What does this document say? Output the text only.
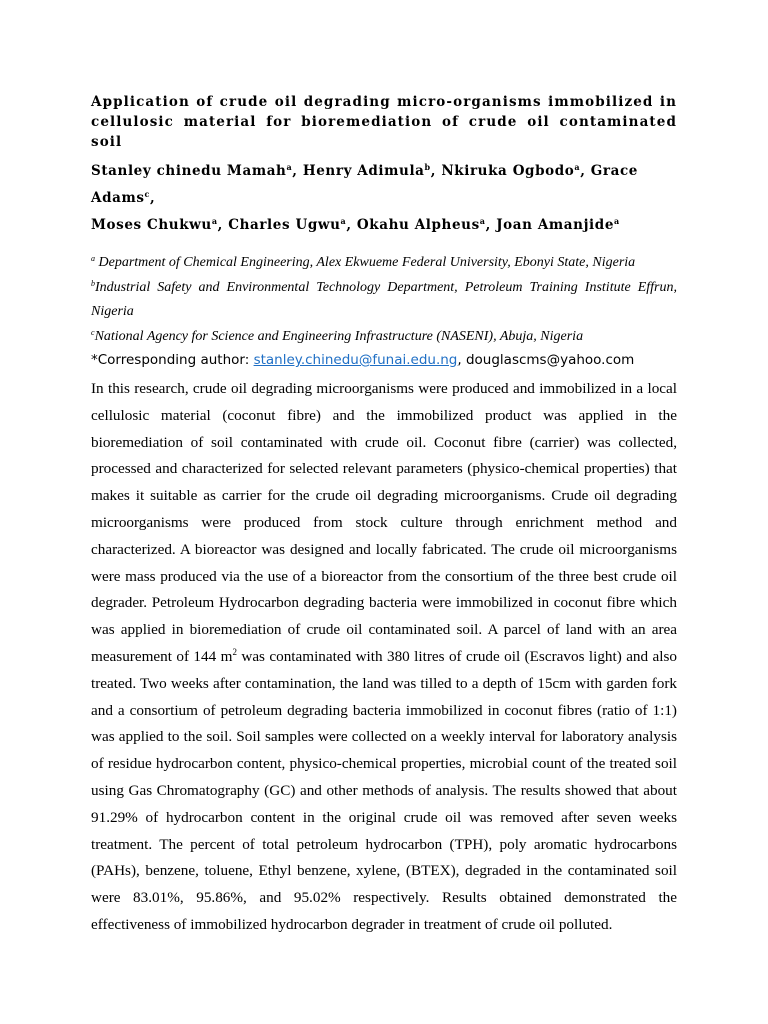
Application of crude oil degrading micro-organisms immobilized in cellulosic material for bioremediation of crude oil contaminated soil
Stanley chinedu Mamah$^a$, Henry Adimula$^b$, Nkiruka Ogbodo$^a$, Grace Adams$^c$,
Moses Chukwu$^a$, Charles Ugwu$^a$, Okahu Alpheus$^a$, Joan Amanjide$^a$
$^a$ Department of Chemical Engineering, Alex Ekwueme Federal University, Ebonyi State, Nigeria
$^b$Industrial Safety and Environmental Technology Department, Petroleum Training Institute Effrun, Nigeria
$^c$National Agency for Science and Engineering Infrastructure (NASENI), Abuja, Nigeria
*Corresponding author: stanley.chinedu@funai.edu.ng, douglascms@yahoo.com

In this research, crude oil degrading microorganisms were produced and immobilized in a local cellulosic material (coconut fibre) and the immobilized product was applied in the bioremediation of soil contaminated with crude oil. Coconut fibre (carrier) was collected, processed and characterized for selected relevant parameters (physico-chemical properties) that makes it suitable as carrier for the crude oil degrading microorganisms. Crude oil degrading microorganisms were produced from stock culture through enrichment method and characterized. A bioreactor was designed and locally fabricated. The crude oil microorganisms were mass produced via the use of a bioreactor from the consortium of the three best crude oil degrader. Petroleum Hydrocarbon degrading bacteria were immobilized in coconut fibre which was applied in bioremediation of crude oil contaminated soil. A parcel of land with an area measurement of 144 $m^2$ was contaminated with 380 litres of crude oil (Escravos light) and also treated. Two weeks after contamination, the land was tilled to a depth of 15cm with garden fork and a consortium of petroleum degrading bacteria immobilized in coconut fibres (ratio of 1:1) was applied to the soil. Soil samples were collected on a weekly interval for laboratory analysis of residue hydrocarbon content, physico-chemical properties, microbial count of the treated soil using Gas Chromatography (GC) and other methods of analysis. The results showed that about 91.29% of hydrocarbon content in the original crude oil was removed after seven weeks treatment. The percent of total petroleum hydrocarbon (TPH), poly aromatic hydrocarbons (PAHs), benzene, toluene, Ethyl benzene, xylene, (BTEX), degraded in the contaminated soil were 83.01%, 95.86%, and 95.02% respectively. Results obtained demonstrated the effectiveness of immobilized hydrocarbon degrader in treatment of crude oil polluted.
